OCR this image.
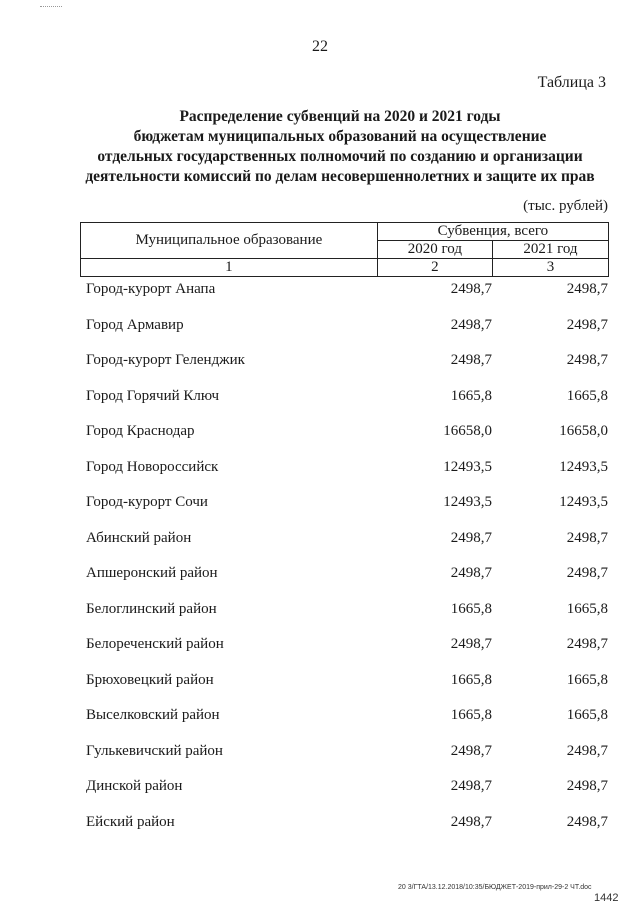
22
Таблица 3
Распределение субвенций на 2020 и 2021 годы
бюджетам муниципальных образований на осуществление
отдельных государственных полномочий по созданию и организации
деятельности комиссий по делам несовершеннолетних и защите их прав
(тыс. рублей)
Муниципальное образование	Субвенция, всего	
	2020 год	2021 год
1	2	3
Город-курорт Анапа	2498,7	2498,7
Город Армавир	2498,7	2498,7
Город-курорт Геленджик	2498,7	2498,7
Город Горячий Ключ	1665,8	1665,8
Город Краснодар	16658,0	16658,0
Город Новороссийск	12493,5	12493,5
Город-курорт Сочи	12493,5	12493,5
Абинский район	2498,7	2498,7
Апшеронский район	2498,7	2498,7
Белоглинский район	1665,8	1665,8
Белореченский район	2498,7	2498,7
Брюховецкий район	1665,8	1665,8
Выселковский район	1665,8	1665,8
Гулькевичский район	2498,7	2498,7
Динской район	2498,7	2498,7
Ейский район	2498,7	2498,7
20 3/ГТА/13.12.2018/10:35/БЮДЖЕТ-2019-прил-29-2 ЧТ.doc
1442
